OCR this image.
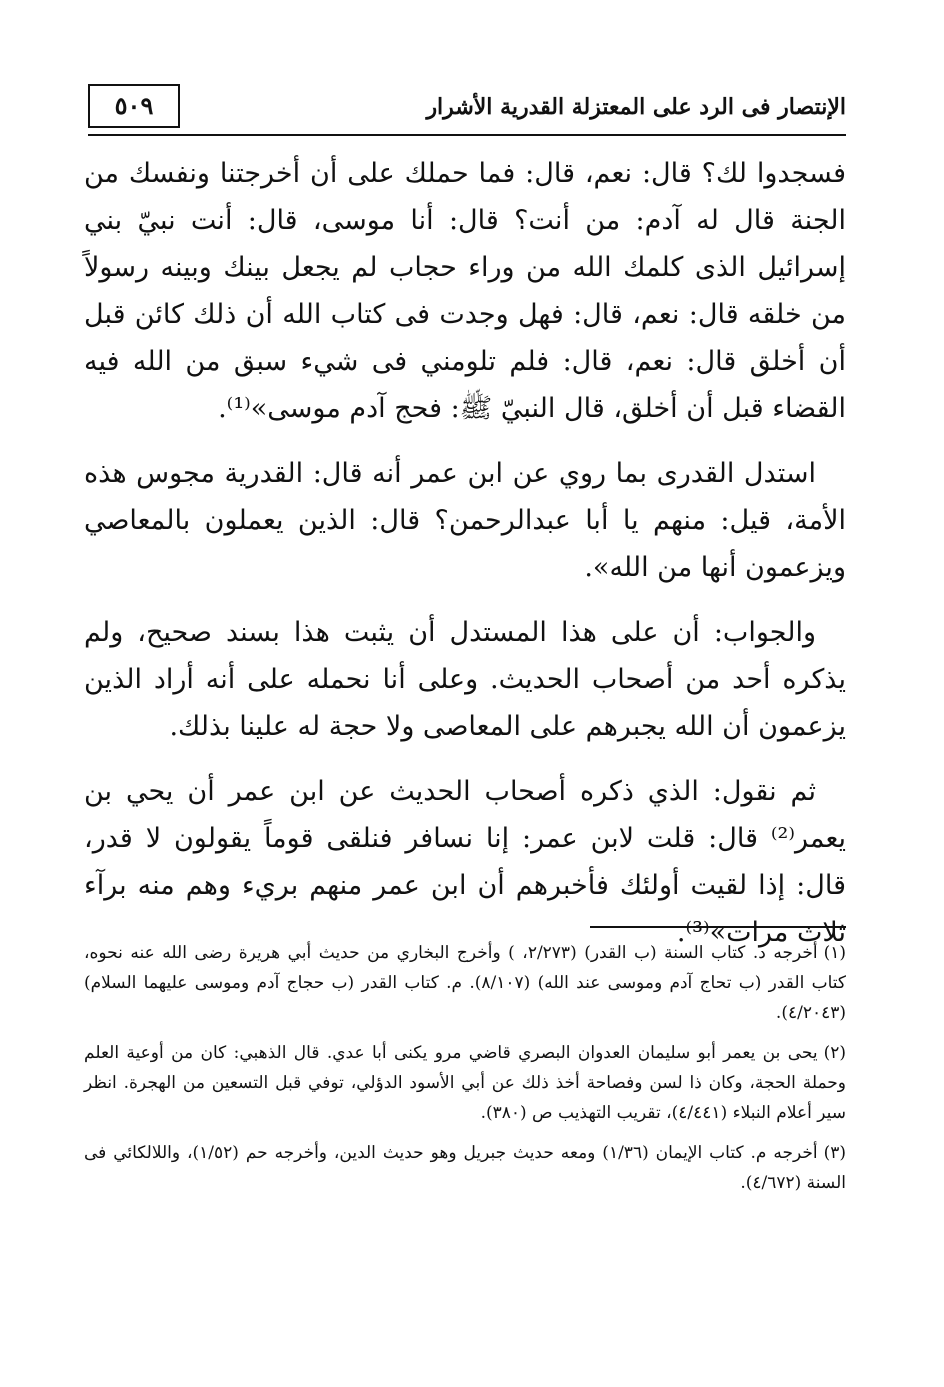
الإنتصار فى الرد على المعتزلة القدرية الأشرار
٥٠٩

فسجدوا لك؟ قال: نعم، قال: فما حملك على أن أخرجتنا ونفسك من الجنة قال له آدم: من أنت؟ قال: أنا موسى، قال: أنت نبيّ بني إسرائيل الذى كلمك الله من وراء حجاب لم يجعل بينك وبينه رسولاً من خلقه قال: نعم، قال: فهل وجدت فى كتاب الله أن ذلك كائن قبل أن أخلق قال: نعم، قال: فلم تلومني فى شيء سبق من الله فيه القضاء قبل أن أخلق، قال النبيّ ﷺ: فحج آدم موسى»⁽¹⁾.

استدل القدرى بما روي عن ابن عمر أنه قال: القدرية مجوس هذه الأمة، قيل: منهم يا أبا عبدالرحمن؟ قال: الذين يعملون بالمعاصي ويزعمون أنها من الله».

والجواب: أن على هذا المستدل أن يثبت هذا بسند صحيح، ولم يذكره أحد من أصحاب الحديث. وعلى أنا نحمله على أنه أراد الذين يزعمون أن الله يجبرهم على المعاصى ولا حجة له علينا بذلك.

ثم نقول: الذي ذكره أصحاب الحديث عن ابن عمر أن يحي بن يعمر⁽²⁾ قال: قلت لابن عمر: إنا نسافر فنلقى قوماً يقولون لا قدر، قال: إذا لقيت أولئك فأخبرهم أن ابن عمر منهم بريء وهم منه برآء ثلاث مرات»⁽³⁾.

(١)أخرجه د. كتاب السنة (ب القدر) (٢/٢٧٣، ) وأخرج البخاري من حديث أبي هريرة رضى الله عنه نحوه، كتاب القدر (ب تحاج آدم وموسى عند الله) (٨/١٠٧). م. كتاب القدر (ب حجاج آدم وموسى عليهما السلام) (٤/٢٠٤٣).

(٢)يحى بن يعمر أبو سليمان العدوان البصري قاضي مرو يكنى أبا عدي. قال الذهبي: كان من أوعية العلم وحملة الحجة، وكان ذا لسن وفصاحة أخذ ذلك عن أبي الأسود الدؤلي، توفي قبل التسعين من الهجرة. انظر سير أعلام النبلاء (٤/٤٤١)، تقريب التهذيب ص (٣٨٠).

(٣)أخرجه م. كتاب الإيمان (١/٣٦) ومعه حديث جبريل وهو حديث الدين، وأخرجه حم (١/٥٢)، واللالكائي فى السنة (٤/٦٧٢).
